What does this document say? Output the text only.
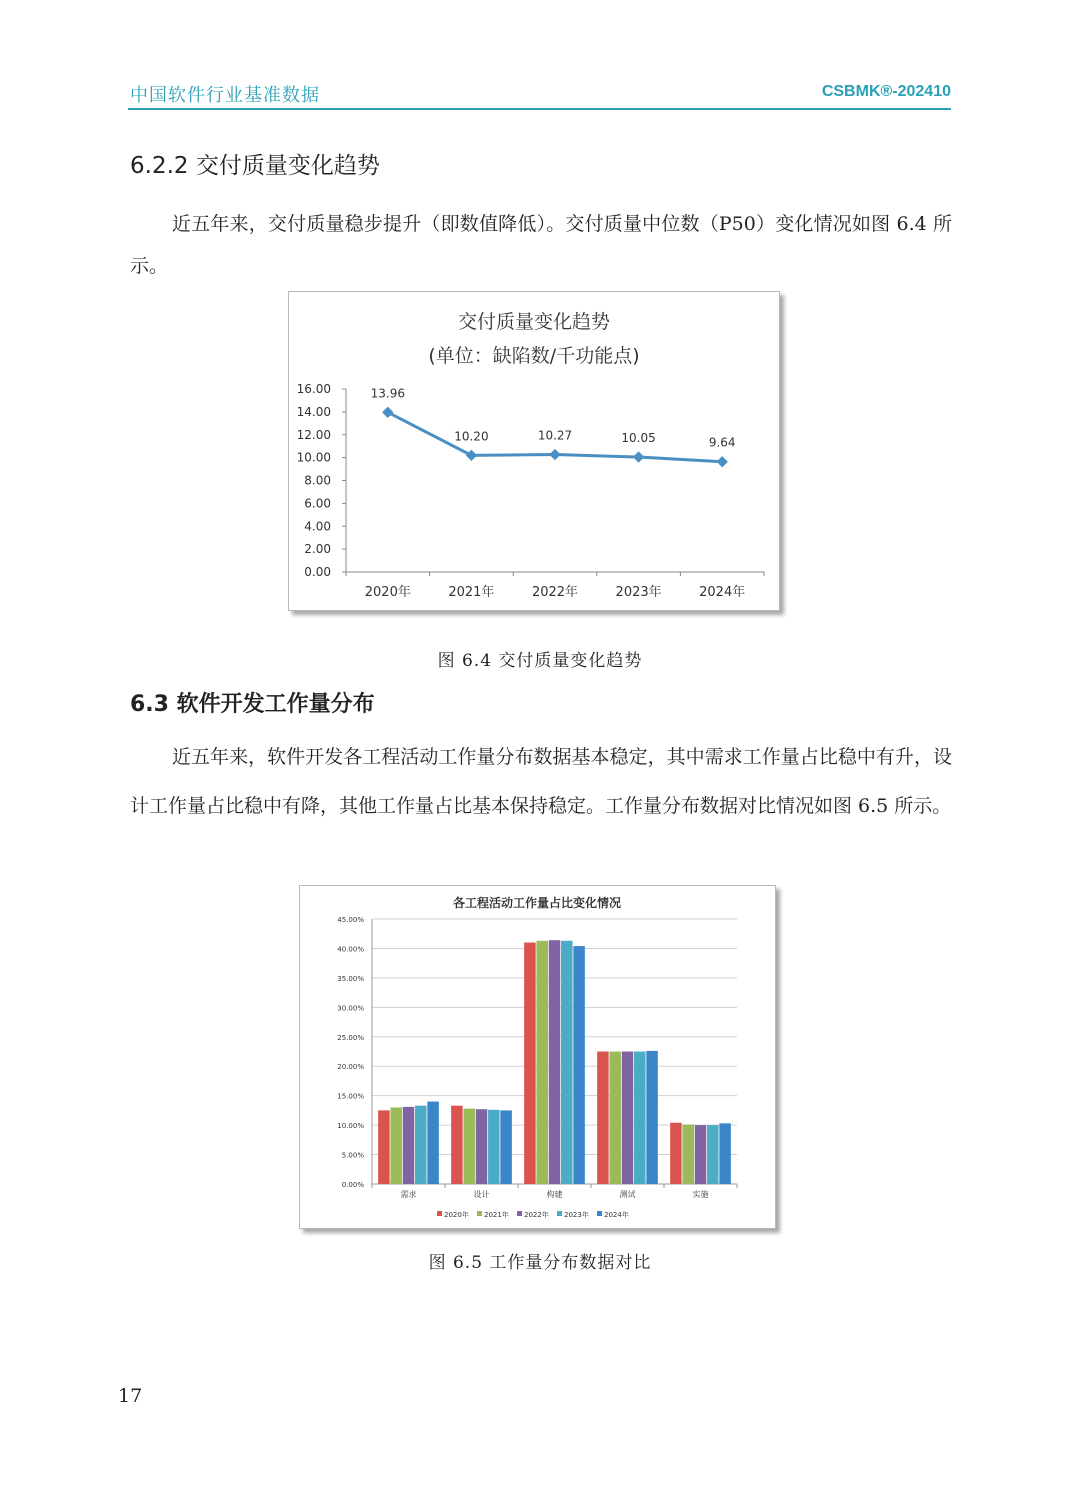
中国软件行业基准数据	CSBMK®-202410
6.2.2 交付质量变化趋势
近五年来，交付质量稳步提升（即数值降低）。交付质量中位数（P50）变化情况如图 6.4 所示。
交付质量变化趋势
(单位：缺陷数/千功能点)
0.00
2.00
4.00
6.00
8.00
10.00
12.00
14.00
16.00
2020年	2021年	2022年	2023年	2024年
13.96
10.20	10.27	10.05	9.64
图 6.4 交付质量变化趋势
6.3 软件开发工作量分布
近五年来，软件开发各工程活动工作量分布数据基本稳定，其中需求工作量占比稳中有升，设计工作量占比稳中有降，其他工作量占比基本保持稳定。工作量分布数据对比情况如图 6.5 所示。
各工程活动工作量占比变化情况
0.00%
5.00%
10.00%
15.00%
20.00%
25.00%
30.00%
35.00%
40.00%
45.00%
需求	设计	构建	测试	实施
2020年 2021年 2022年 2023年 2024年
图 6.5 工作量分布数据对比
17
